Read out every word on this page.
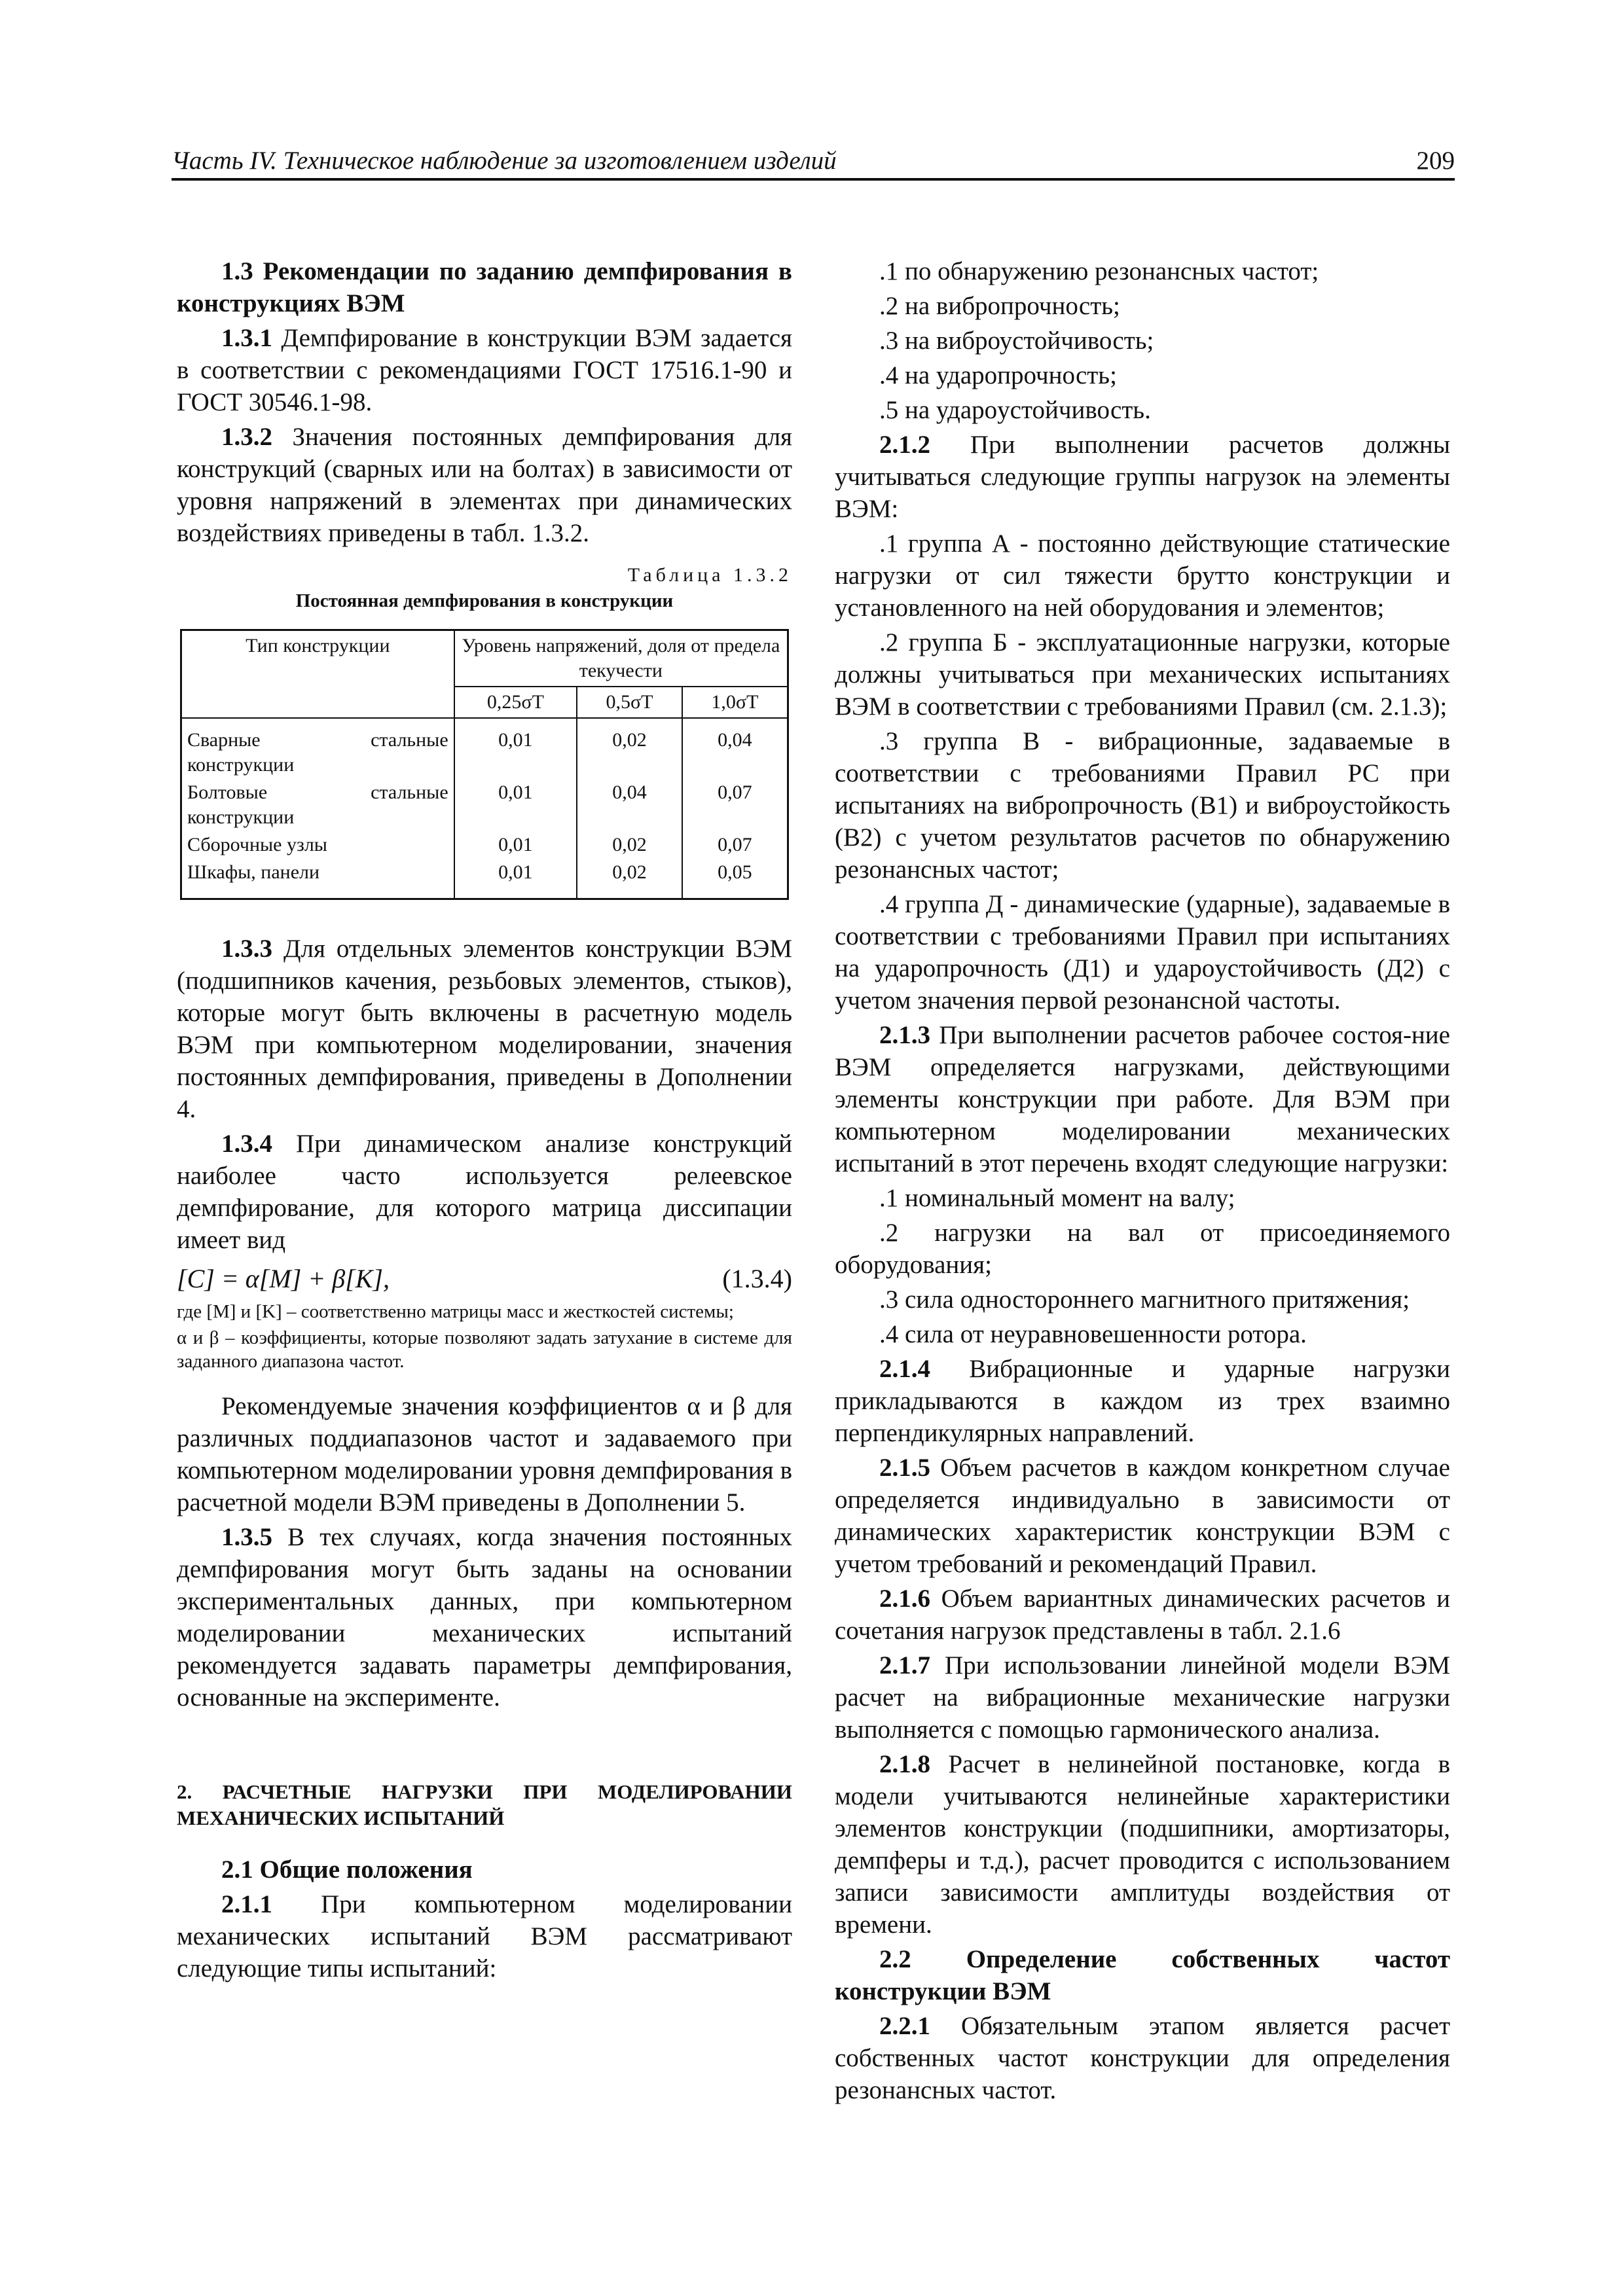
Часть IV. Техническое наблюдение за изготовлением изделий	209

1.3 Рекомендации по заданию демпфирования в конструкциях ВЭМ

1.3.1 Демпфирование в конструкции ВЭМ задается в соответствии с рекомендациями ГОСТ 17516.1-90 и ГОСТ 30546.1-98.

1.3.2 Значения постоянных демпфирования для конструкций (сварных или на болтах) в зависимости от уровня напряжений в элементах при динамических воздействиях приведены в табл. 1.3.2.

Таблица 1.3.2
Постоянная демпфирования в конструкции
Тип конструкции	Уровень напряжений, доля от предела текучести		
	0,25σТ	0,5σТ	1,0σТ
Сварные стальные конструкции	0,01	0,02	0,04
Болтовые стальные конструкции	0,01	0,04	0,07
Сборочные узлы	0,01	0,02	0,07
Шкафы, панели	0,01	0,02	0,05

1.3.3 Для отдельных элементов конструкции ВЭМ (подшипников качения, резьбовых элементов, стыков), которые могут быть включены в расчетную модель ВЭМ при компьютерном моделировании, значения постоянных демпфирования, приведены в Дополнении 4.

1.3.4 При динамическом анализе конструкций наиболее часто используется релеевское демпфирование, для которого матрица диссипации имеет вид

[C] = α[M] + β[K],	(1.3.4)

где [M] и [K] – соответственно матрицы масс и жесткостей системы;

α и β – коэффициенты, которые позволяют задать затухание в системе для заданного диапазона частот.

Рекомендуемые значения коэффициентов α и β для различных поддиапазонов частот и задаваемого при компьютерном моделировании уровня демпфирования в расчетной модели ВЭМ приведены в Дополнении 5.

1.3.5 В тех случаях, когда значения постоянных демпфирования могут быть заданы на основании экспериментальных данных, при компьютерном моделировании механических испытаний рекомендуется задавать параметры демпфирования, основанные на эксперименте.

2. РАСЧЕТНЫЕ НАГРУЗКИ ПРИ МОДЕЛИРОВАНИИ МЕХАНИЧЕСКИХ ИСПЫТАНИЙ

2.1 Общие положения

2.1.1 При компьютерном моделировании механических испытаний ВЭМ рассматривают следующие типы испытаний:

.1 по обнаружению резонансных частот;

.2 на вибропрочность;

.3 на виброустойчивость;

.4 на ударопрочность;

.5 на ударoустойчивость.

2.1.2 При выполнении расчетов должны учитываться следующие группы нагрузок на элементы ВЭМ:

.1 группа А - постоянно действующие статические нагрузки от сил тяжести брутто конструкции и установленного на ней оборудования и элементов;

.2 группа Б - эксплуатационные нагрузки, которые должны учитываться при механических испытаниях ВЭМ в соответствии с требованиями Правил (см. 2.1.3);

.3 группа В - вибрационные, задаваемые в соответствии с требованиями Правил РС при испытаниях на вибропрочность (В1) и виброустойкость (В2) с учетом результатов расчетов по обнаружению резонансных частот;

.4 группа Д - динамические (ударные), задаваемые в соответствии с требованиями Правил при испытаниях на ударопрочность (Д1) и ударoустойчивость (Д2) с учетом значения первой резонансной частоты.

2.1.3 При выполнении расчетов рабочее состоя-ние ВЭМ определяется нагрузками, действующими элементы конструкции при работе. Для ВЭМ при компьютерном моделировании механических испытаний в этот перечень входят следующие нагрузки:

.1 номинальный момент на валу;

.2 нагрузки на вал от присоединяемого оборудования;

.3 сила одностороннего магнитного притяжения;

.4 сила от неуравновешенности ротора.

2.1.4 Вибрационные и ударные нагрузки прикладываются в каждом из трех взаимно перпендикулярных направлений.

2.1.5 Объем расчетов в каждом конкретном случае определяется индивидуально в зависимости от динамических характеристик конструкции ВЭМ с учетом требований и рекомендаций Правил.

2.1.6 Объем вариантных динамических расчетов и сочетания нагрузок представлены в табл. 2.1.6

2.1.7 При использовании линейной модели ВЭМ расчет на вибрационные механические нагрузки выполняется с помощью гармонического анализа.

2.1.8 Расчет в нелинейной постановке, когда в модели учитываются нелинейные характеристики элементов конструкции (подшипники, амортизаторы, демпферы и т.д.), расчет проводится с использованием записи зависимости амплитуды воздействия от времени.

2.2 Определение собственных частот конструкции ВЭМ

2.2.1 Обязательным этапом является расчет собственных частот конструкции для определения резонансных частот.
